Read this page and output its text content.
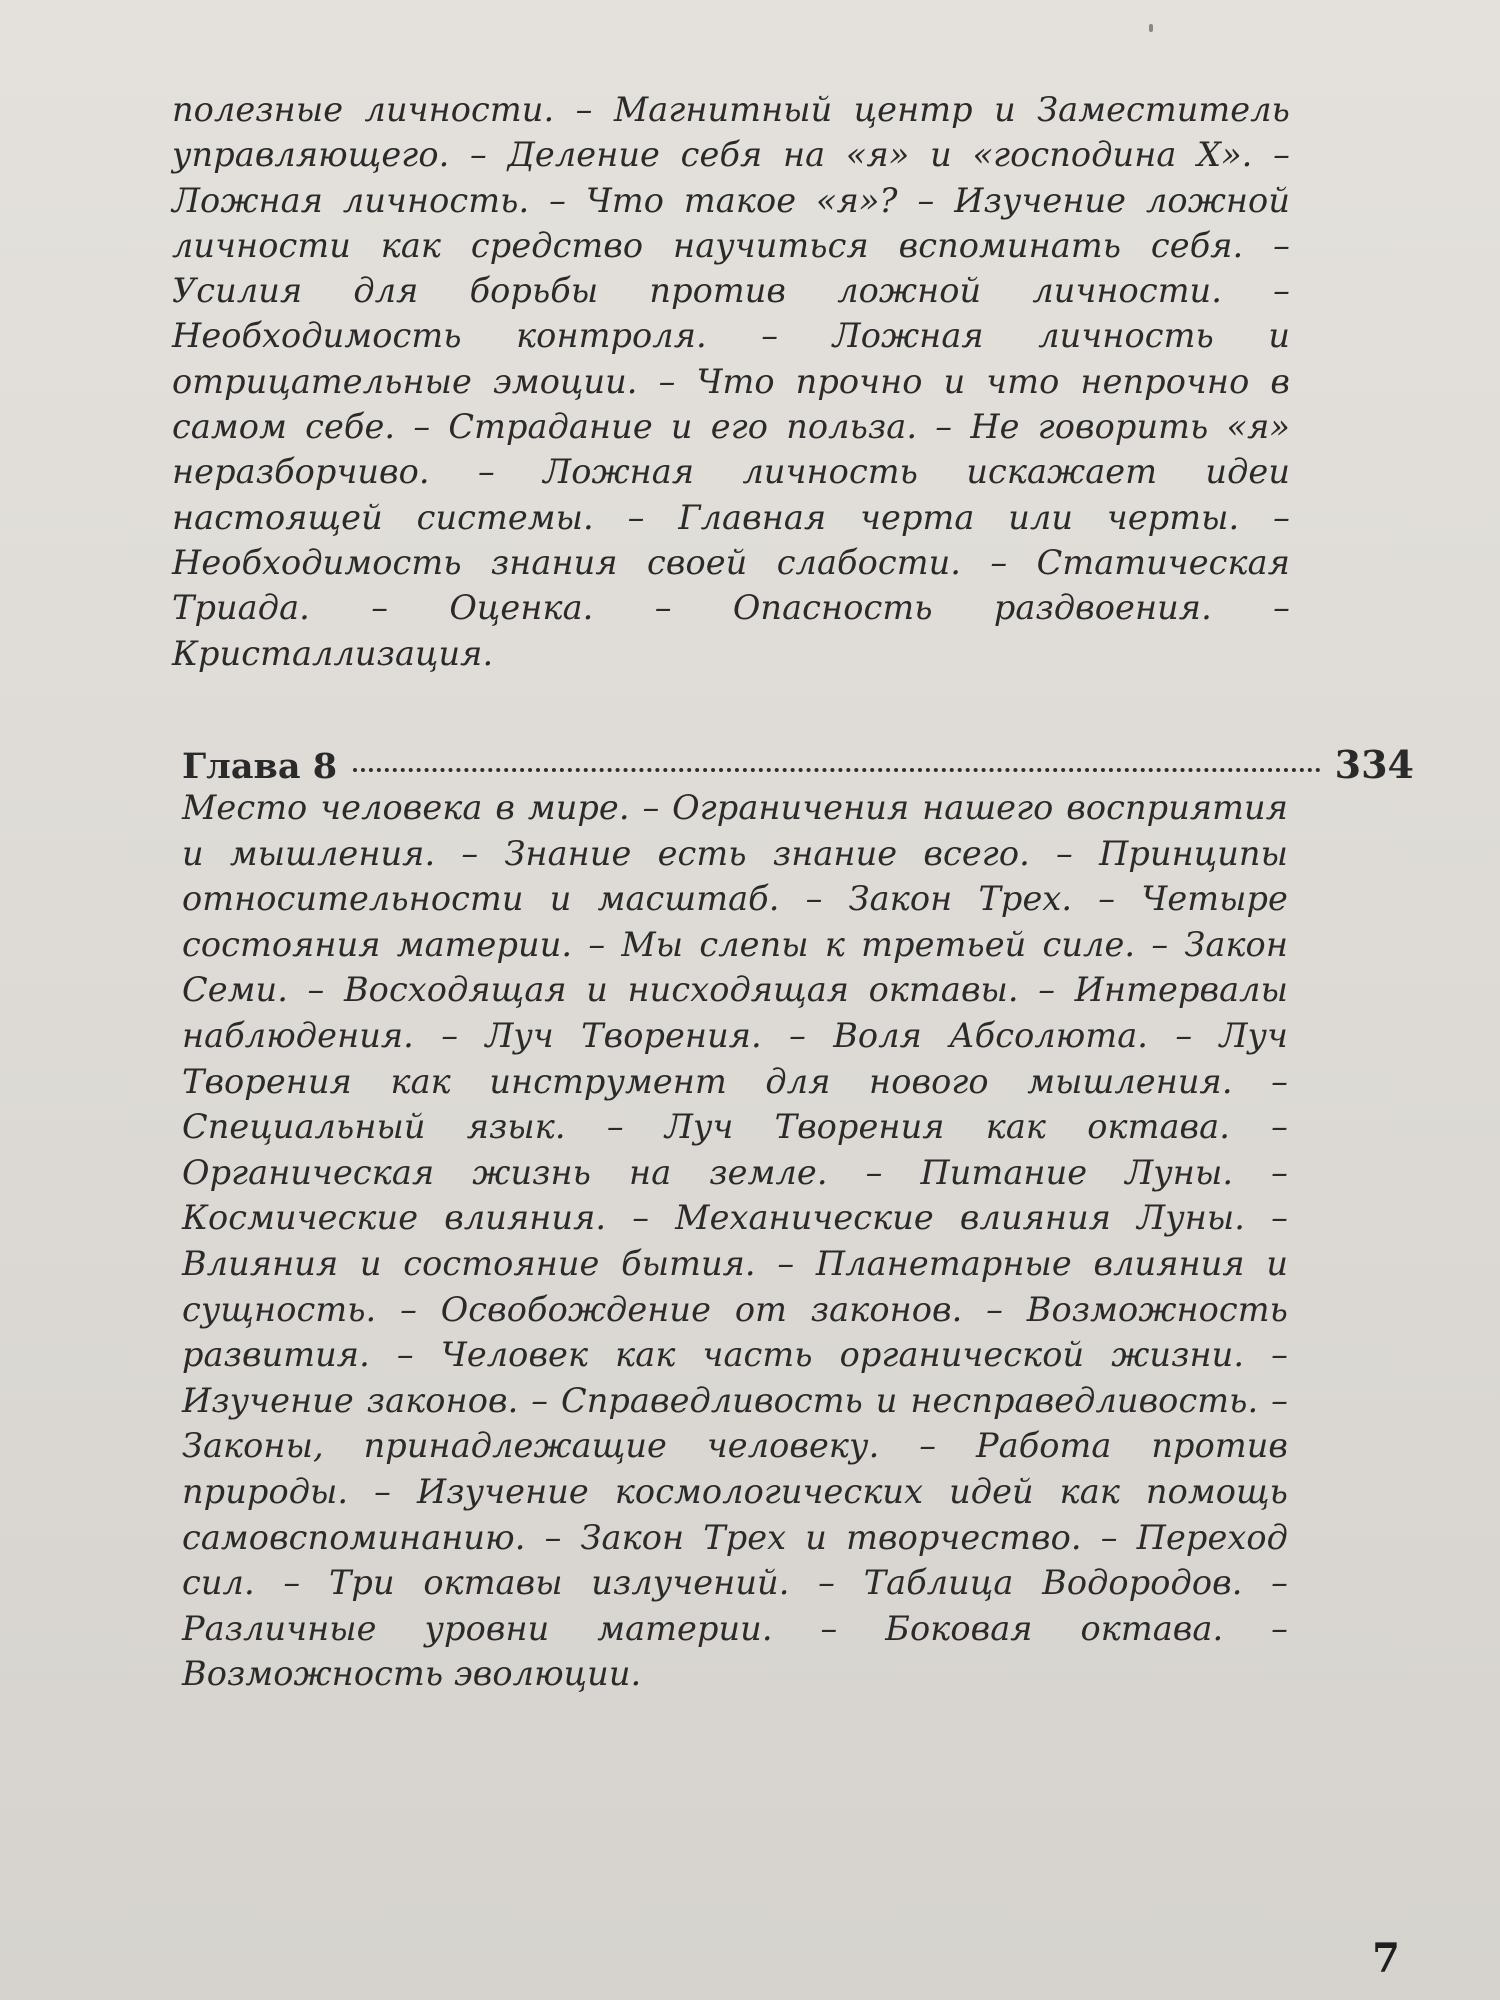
полезные личности. – Магнитный центр и Заместитель управляющего. – Деление себя на «я» и «господина X». – Ложная личность. – Что такое «я»? – Изучение ложной личности как средство научиться вспоминать себя. – Усилия для борьбы против ложной личности. – Необходимость контроля. – Ложная личность и отрицательные эмоции. – Что прочно и что непрочно в самом себе. – Страдание и его польза. – Не говорить «я» неразборчиво. – Ложная личность искажает идеи настоящей системы. – Главная черта или черты. – Необходимость знания своей слабости. – Статическая Триада. – Оценка. – Опасность раздвоения. – Кристаллизация.

Глава 8	334

Место человека в мире. – Ограничения нашего восприятия и мышления. – Знание есть знание всего. – Принципы относительности и масштаб. – Закон Трех. – Четыре состояния материи. – Мы слепы к третьей силе. – Закон Семи. – Восходящая и нисходящая октавы. – Интервалы наблюдения. – Луч Творения. – Воля Абсолюта. – Луч Творения как инструмент для нового мышления. – Специальный язык. – Луч Творения как октава. – Органическая жизнь на земле. – Питание Луны. – Космические влияния. – Механические влияния Луны. – Влияния и состояние бытия. – Планетарные влияния и сущность. – Освобождение от законов. – Возможность развития. – Человек как часть органической жизни. – Изучение законов. – Справедливость и несправедливость. – Законы, принадлежащие человеку. – Работа против природы. – Изучение космологических идей как помощь самовспоминанию. – Закон Трех и творчество. – Переход сил. – Три октавы излучений. – Таблица Водородов. – Различные уровни материи. – Боковая октава. – Возможность эволюции.

7
